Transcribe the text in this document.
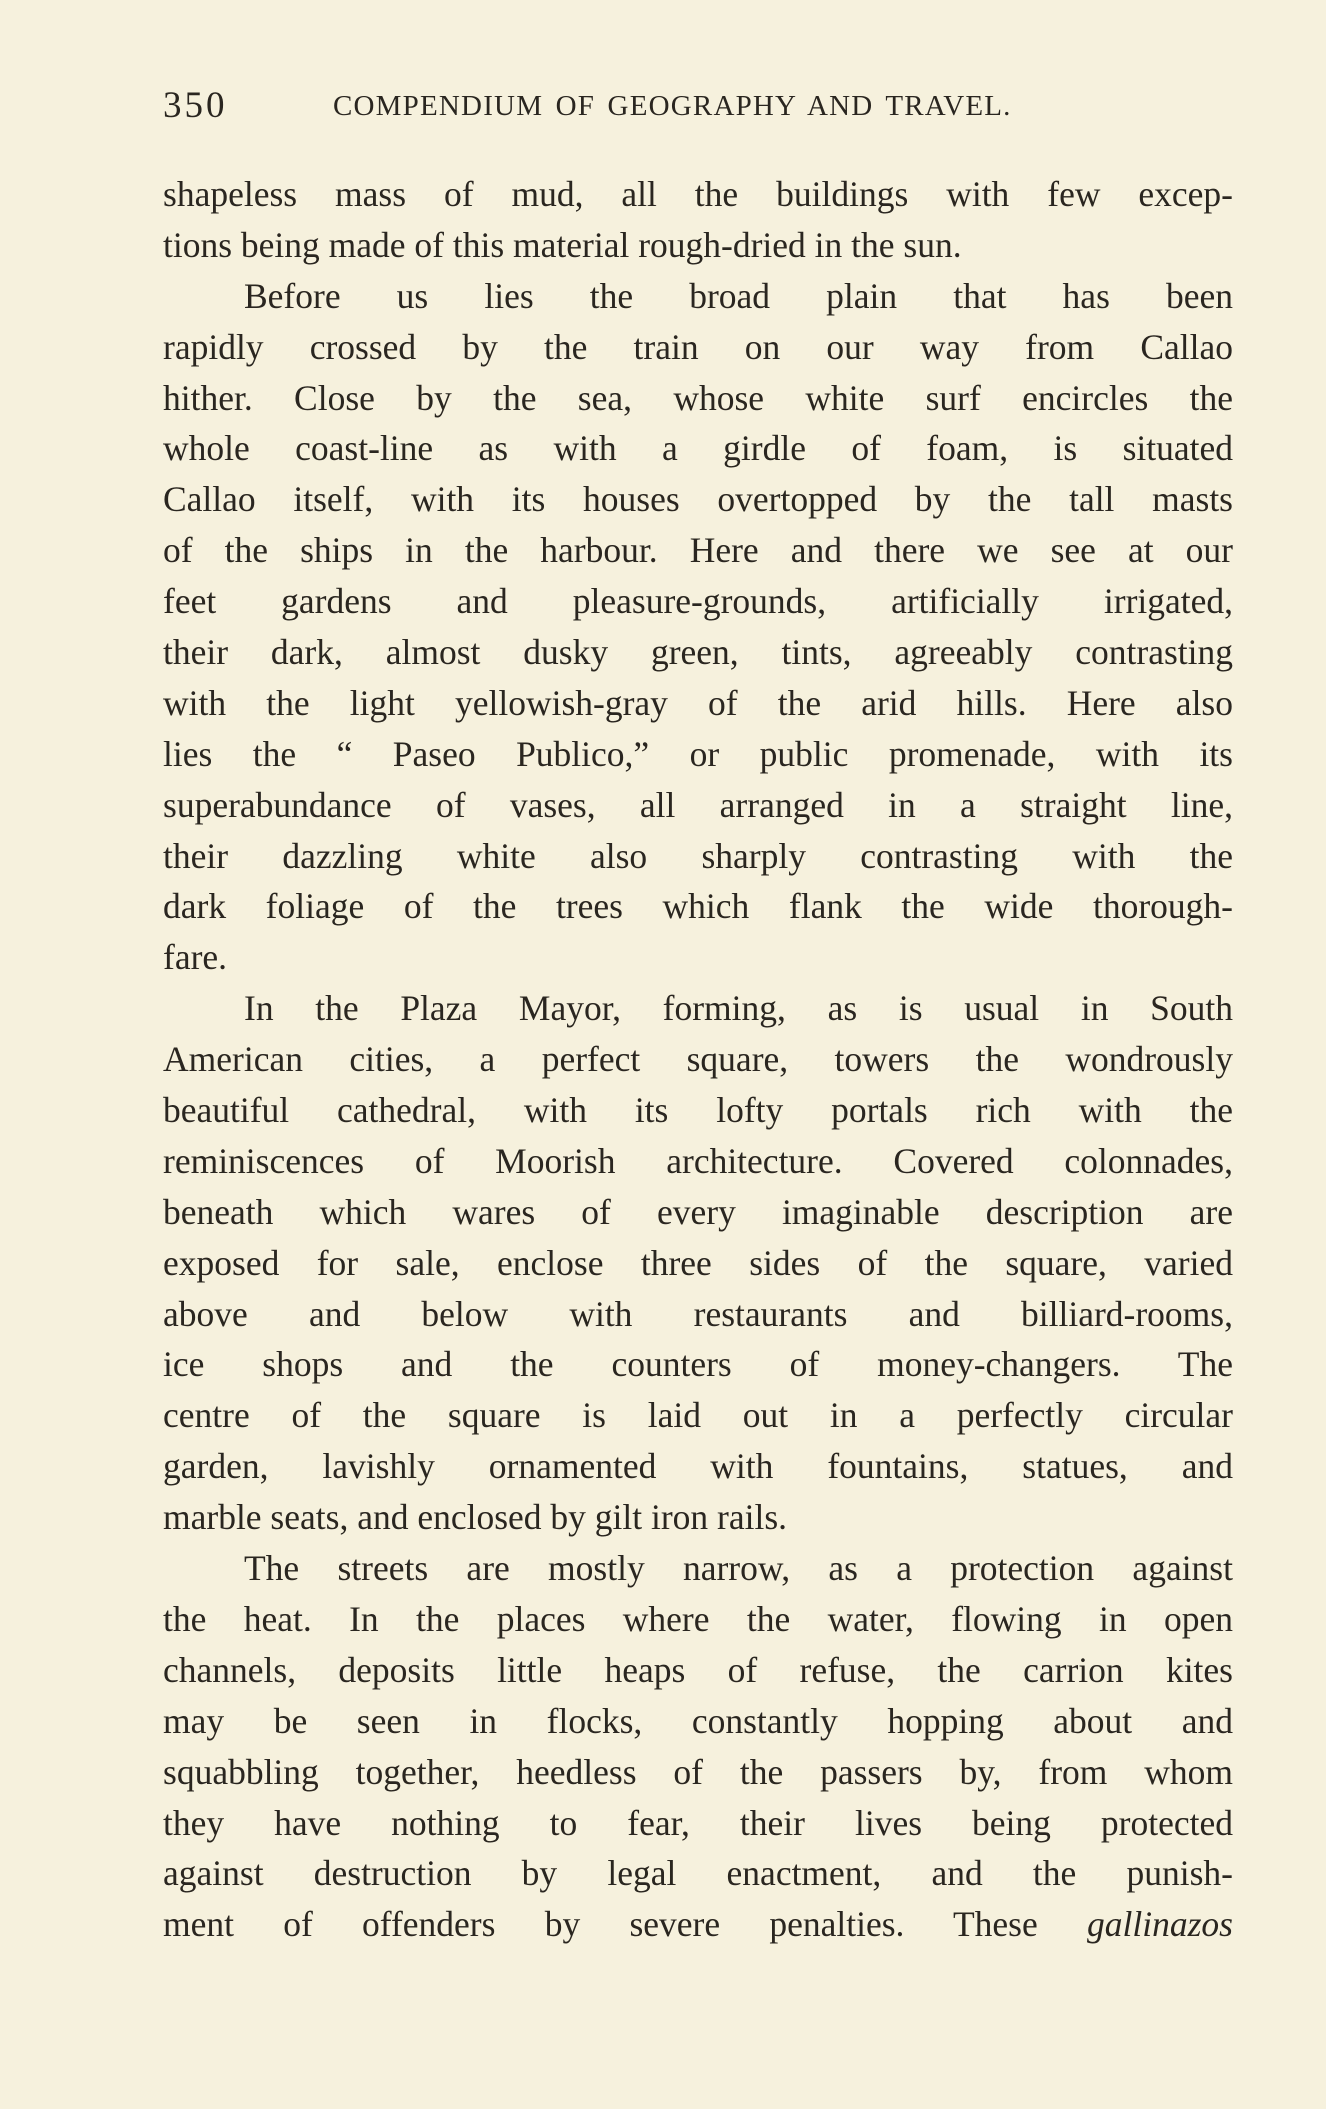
350	COMPENDIUM OF GEOGRAPHY AND TRAVEL.
shapeless mass of mud, all the buildings with few excep-
tions being made of this material rough-dried in the sun.
Before us lies the broad plain that has been
rapidly crossed by the train on our way from Callao
hither. Close by the sea, whose white surf encircles the
whole coast-line as with a girdle of foam, is situated
Callao itself, with its houses overtopped by the tall masts
of the ships in the harbour. Here and there we see at our
feet gardens and pleasure-grounds, artificially irrigated,
their dark, almost dusky green, tints, agreeably contrasting
with the light yellowish-gray of the arid hills. Here also
lies the “ Paseo Publico,” or public promenade, with its
superabundance of vases, all arranged in a straight line,
their dazzling white also sharply contrasting with the
dark foliage of the trees which flank the wide thorough-
fare.
In the Plaza Mayor, forming, as is usual in South
American cities, a perfect square, towers the wondrously
beautiful cathedral, with its lofty portals rich with the
reminiscences of Moorish architecture. Covered colonnades,
beneath which wares of every imaginable description are
exposed for sale, enclose three sides of the square, varied
above and below with restaurants and billiard-rooms,
ice shops and the counters of money-changers. The
centre of the square is laid out in a perfectly circular
garden, lavishly ornamented with fountains, statues, and
marble seats, and enclosed by gilt iron rails.
The streets are mostly narrow, as a protection against
the heat. In the places where the water, flowing in open
channels, deposits little heaps of refuse, the carrion kites
may be seen in flocks, constantly hopping about and
squabbling together, heedless of the passers by, from whom
they have nothing to fear, their lives being protected
against destruction by legal enactment, and the punish-
ment of offenders by severe penalties. These gallinazos
